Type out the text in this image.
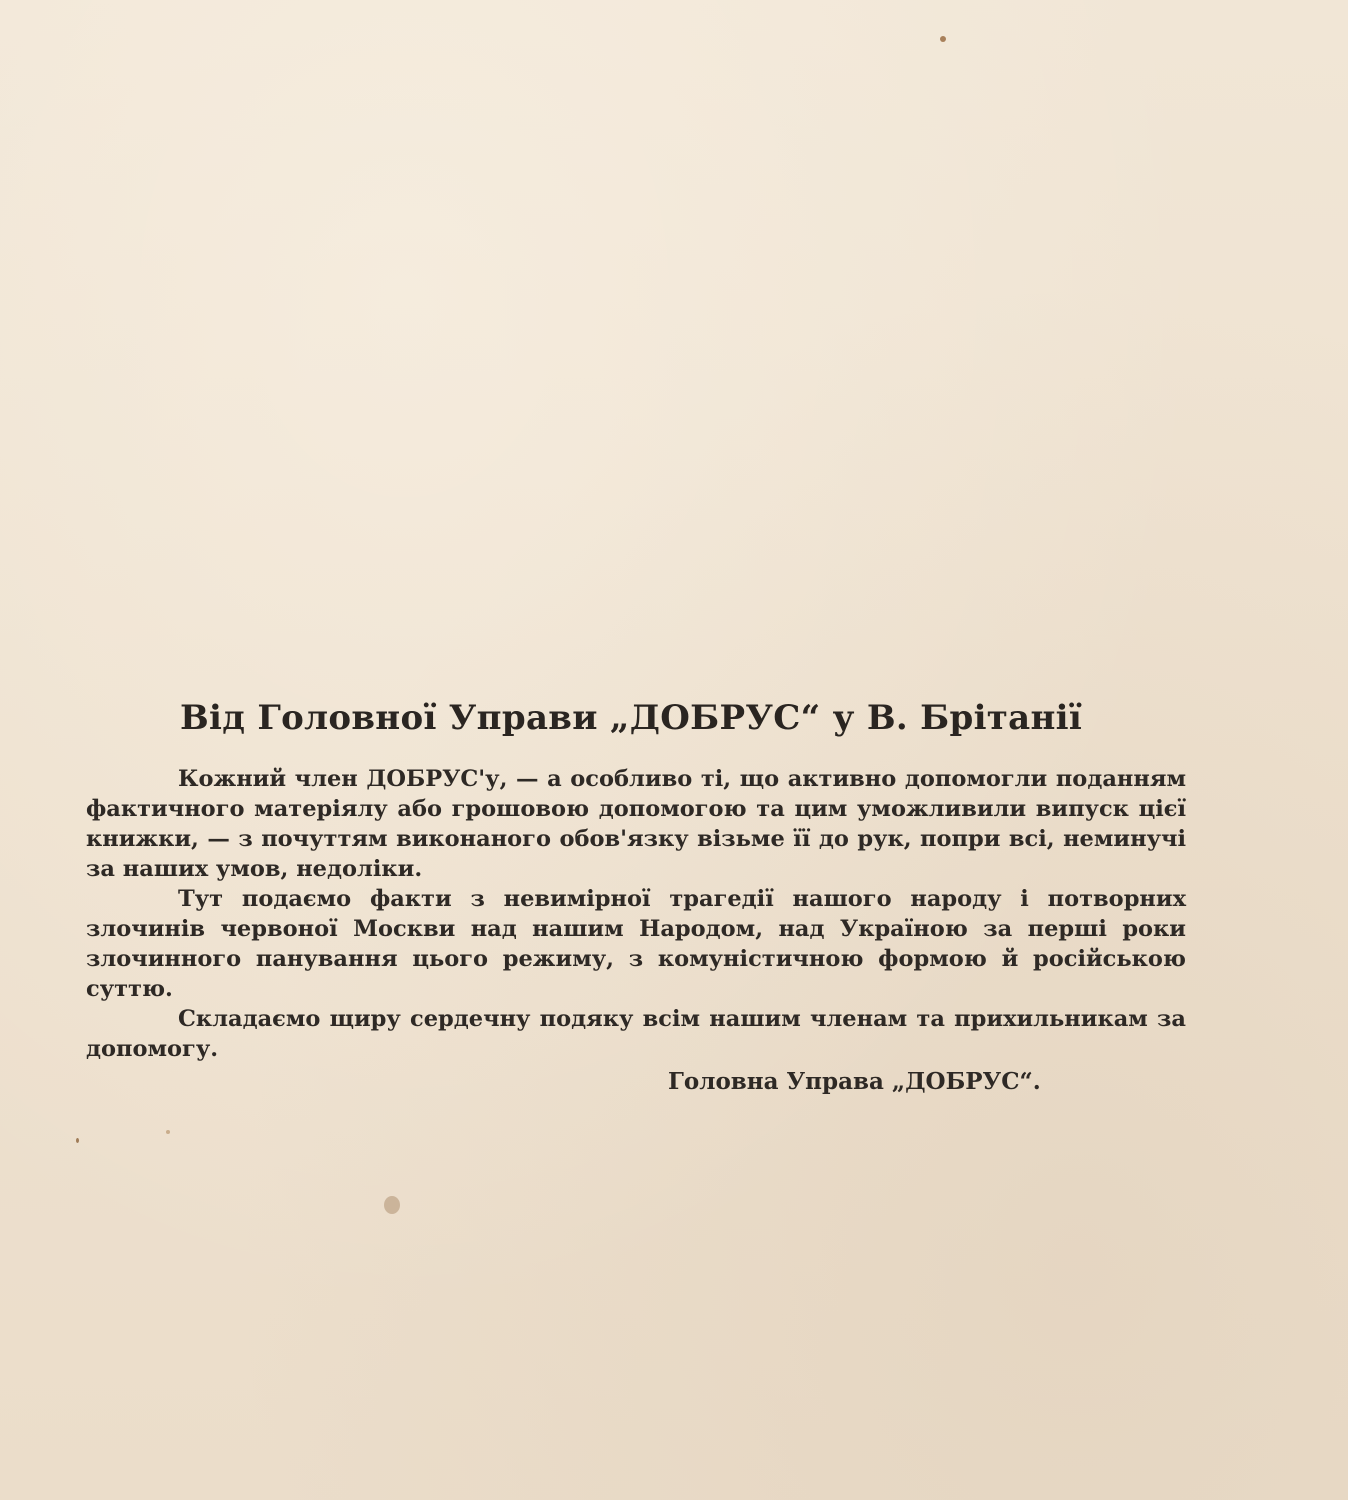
Від Головної Управи „ДОБРУС“ у В. Брітанії

Кожний член ДОБРУС'у, — а особливо ті, що активно допомогли поданням фактичного матеріялу або грошовою допомогою та цим уможливили випуск цієї книжки, — з почуттям виконаного обов'язку візьме її до рук, попри всі, неминучі за наших умов, недоліки.

Тут подаємо факти з невимірної трагедії нашого народу і потворних злочинів червоної Москви над нашим Народом, над Україною за перші роки злочинного панування цього режиму, з комуністичною формою й російською суттю.

Складаємо щиру сердечну подяку всім нашим членам та прихильникам за допомогу.

Головна Управа „ДОБРУС“.
